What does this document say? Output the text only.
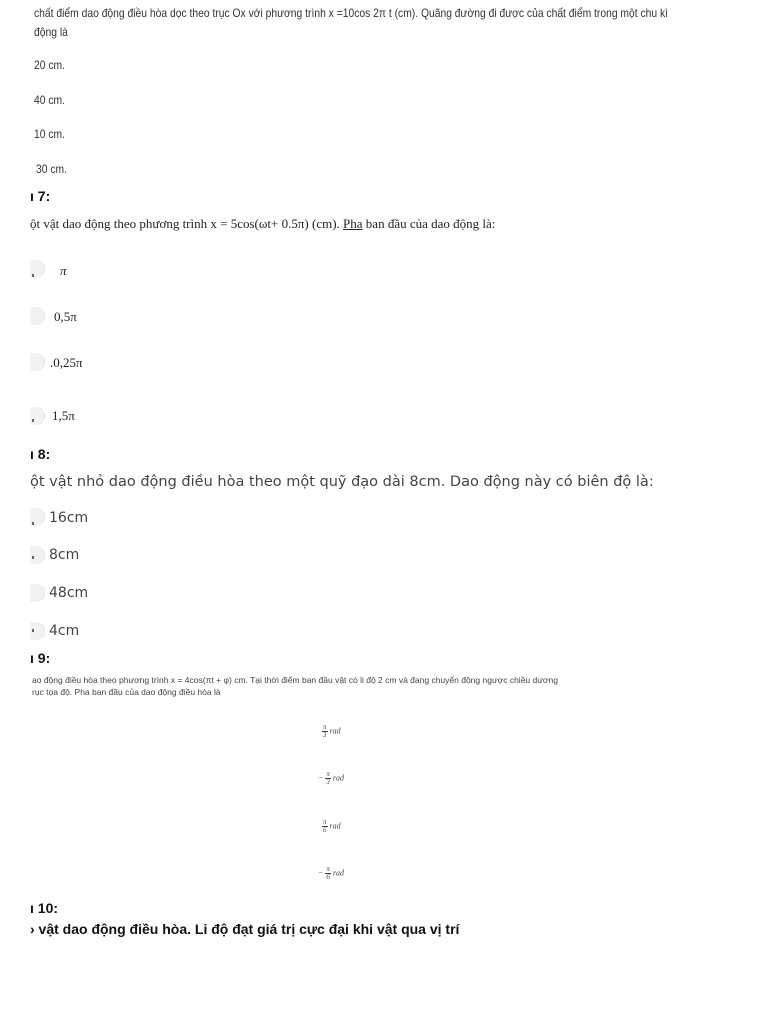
chất điểm dao động điều hòa dọc theo trục Ox với phương trình x =10cos 2π t (cm). Quãng đường đi được của chất điểm trong một chu kì
động là
20 cm.
40 cm.
10 cm.
30 cm.
ı 7:
ột vật dao động theo phương trình x = 5cos(ωt+ 0.5π) (cm). Pha ban đầu của dao động là:
π
0,5π
.0,25π
1,5π
ı 8:
ột vật nhỏ dao động điều hòa theo một quỹ đạo dài 8cm. Dao động này có biên độ là:
16cm
8cm
48cm
4cm
ı 9:
ao động điều hòa theo phương trình x = 4cos(πt + φ) cm. Tại thời điểm ban đầu vật có li độ 2 cm và đang chuyển động ngược chiều dương
rục tọa độ. Pha ban đầu của dao động điều hòa là
$\frac{\pi}{3}$ rad
− $\frac{\pi}{3}$ rad
$\frac{\pi}{6}$ rad
− $\frac{\pi}{6}$ rad
ı 10:
› vật dao động điều hòa. Li độ đạt giá trị cực đại khi vật qua vị trí
